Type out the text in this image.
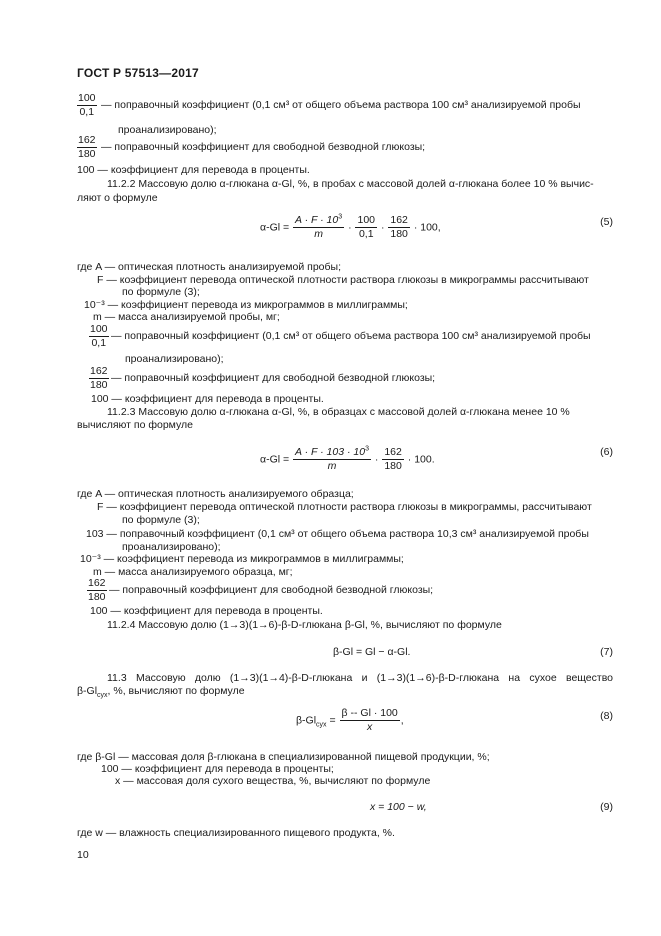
ГОСТ Р 57513—2017
$\frac{100}{0,1}$ — поправочный коэффициент (0,1 см³ от общего объема раствора 100 см³ анализируемой пробы
проанализировано);
$\frac{162}{180}$ — поправочный коэффициент для свободной безводной глюкозы;
100 — коэффициент для перевода в проценты.
11.2.2 Массовую долю α-глюкана α-Gl, %, в пробах с массовой долей α-глюкана более 10 % вычис-
ляют о формуле
$\alpha-Gl = \frac{A \cdot F \cdot 10^3}{m} \cdot \frac{100}{0,1} \cdot \frac{162}{180} \cdot 100$,	(5)
где A — оптическая плотность анализируемой пробы;
F — коэффициент перевода оптической плотности раствора глюкозы в микрограммы рассчитывают
по формуле (3);
10⁻³ — коэффициент перевода из микрограммов в миллиграммы;
m — масса анализируемой пробы, мг;
$\frac{100}{0,1}$ — поправочный коэффициент (0,1 см³ от общего объема раствора 100 см³ анализируемой пробы
проанализировано);
$\frac{162}{180}$ — поправочный коэффициент для свободной безводной глюкозы;
100 — коэффициент для перевода в проценты.
11.2.3 Массовую долю α-глюкана α-Gl, %, в образцах с массовой долей α-глюкана менее 10 %
вычисляют по формуле
$\alpha-Gl = \frac{A \cdot F \cdot 103 \cdot 10^3}{m} \cdot \frac{162}{180} \cdot 100$.
(6)
где A — оптическая плотность анализируемого образца;
F — коэффициент перевода оптической плотности раствора глюкозы в микрограммы, рассчитывают
по формуле (3);
103 — поправочный коэффициент (0,1 см³ от общего объема раствора 10,3 см³ анализируемой пробы
проанализировано);
10⁻³ — коэффициент перевода из микрограммов в миллиграммы;
m — масса анализируемого образца, мг;
$\frac{162}{180}$ — поправочный коэффициент для свободной безводной глюкозы;
100 — коэффициент для перевода в проценты.
11.2.4 Массовую долю (1→3)(1→6)-β-D-глюкана β-Gl, %, вычисляют по формуле
β-Gl = Gl − α-Gl.	(7)
11.3 Массовую долю (1→3)(1→4)-β-D-глюкана и (1→3)(1→6)-β-D-глюкана на сухое вещество
$\beta-Gl_{сух}$, %, вычисляют по формуле
$\beta-Gl_{сух} = \frac{\beta -- Gl \cdot 100}{x}$ ,	(8)
где β-Gl — массовая доля β-глюкана в специализированной пищевой продукции, %;
100 — коэффициент для перевода в проценты;
x — массовая доля сухого вещества, %, вычисляют по формуле
x = 100 − w,	(9)
где w — влажность специализированного пищевого продукта, %.
10
